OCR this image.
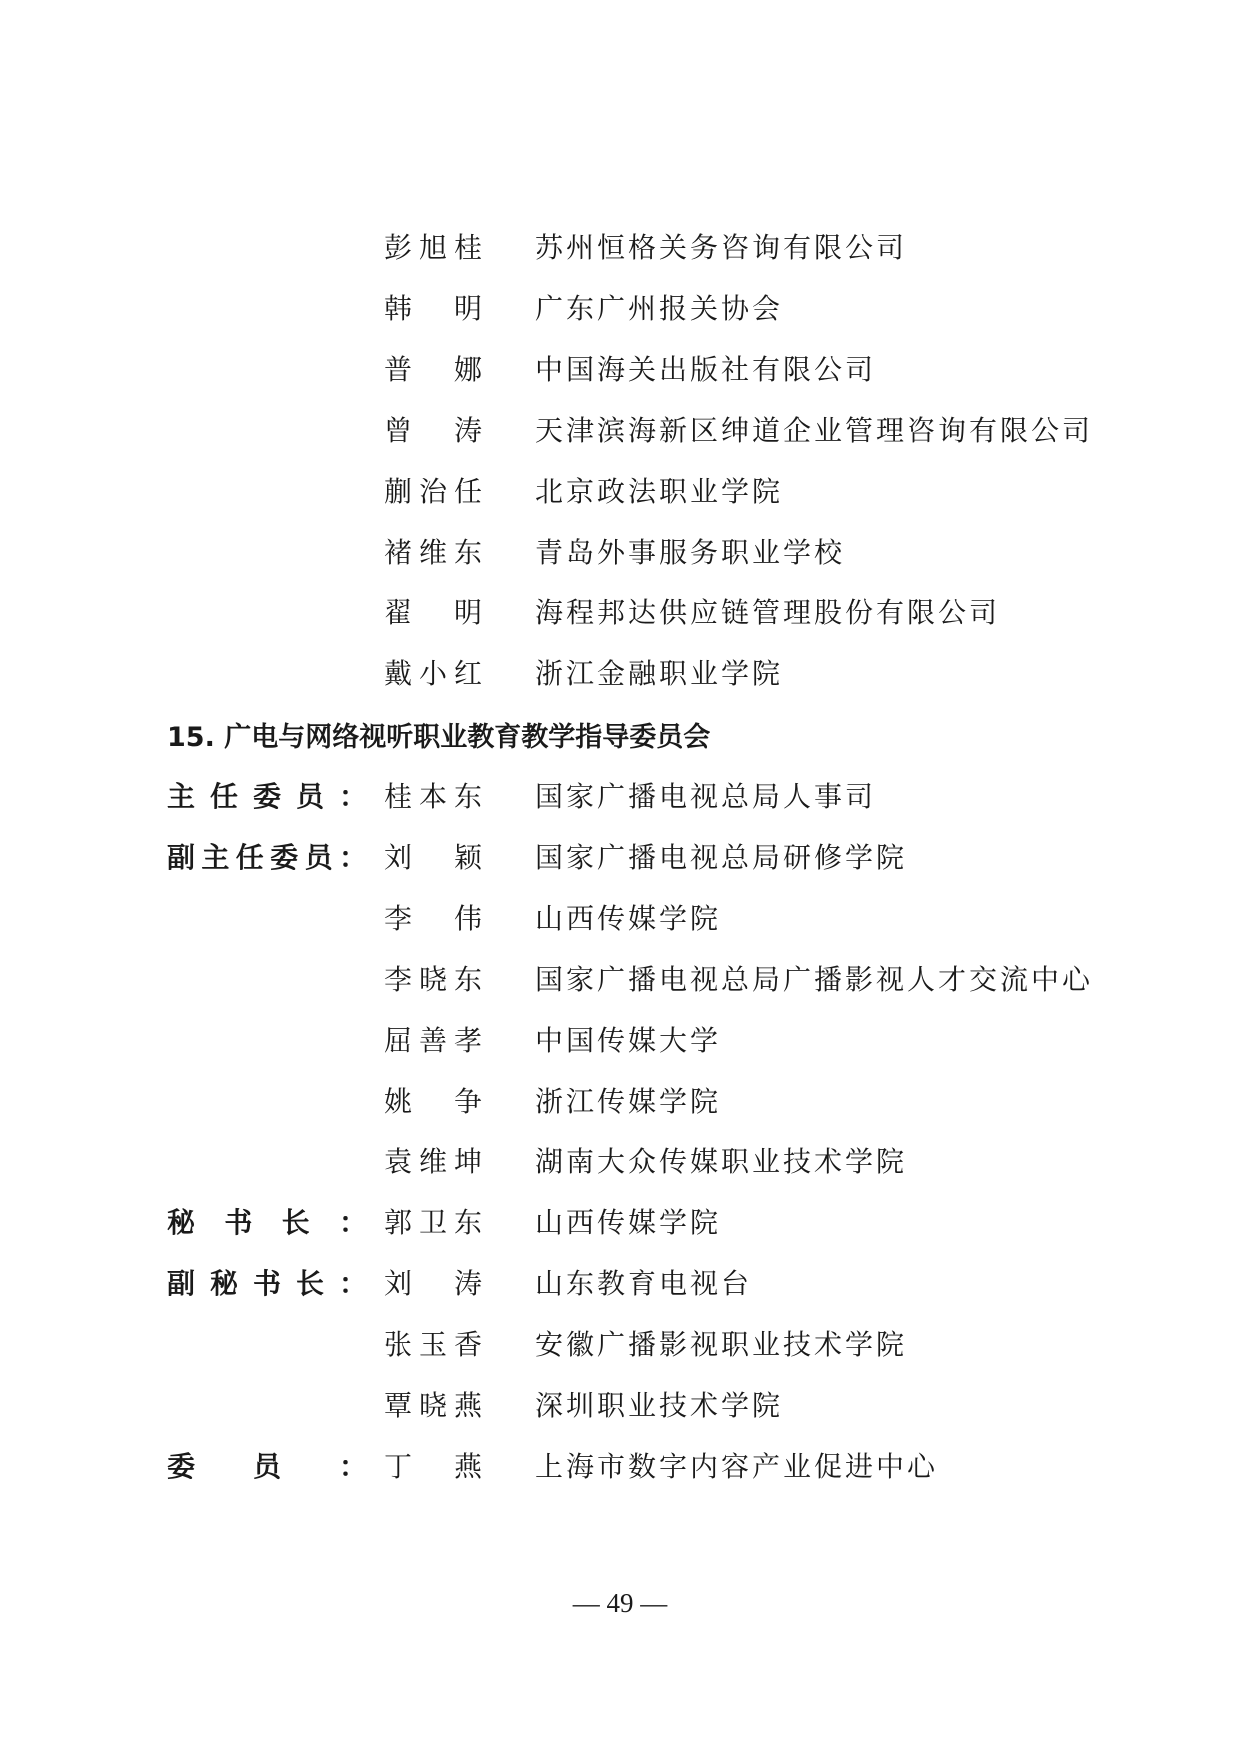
15. 广电与网络视听职业教育教学指导委员会
— 49 —
彭 旭 桂 苏州恒格关务咨询有限公司
韩 明 广东广州报关协会
普 娜 中国海关出版社有限公司
曾 涛 天津滨海新区绅道企业管理咨询有限公司
蒯 治 任 北京政法职业学院
褚 维 东 青岛外事服务职业学校
翟 明 海程邦达供应链管理股份有限公司
戴 小 红 浙江金融职业学院
主 任 委 员 ： 桂 本 东 国家广播电视总局人事司
副 主 任 委 员 ： 刘 颖 国家广播电视总局研修学院
李 伟 山西传媒学院
李 晓 东 国家广播电视总局广播影视人才交流中心
屈 善 孝 中国传媒大学
姚 争 浙江传媒学院
袁 维 坤 湖南大众传媒职业技术学院
秘 书 长 ： 郭 卫 东 山西传媒学院
副 秘 书 长 ： 刘 涛 山东教育电视台
张 玉 香 安徽广播影视职业技术学院
覃 晓 燕 深圳职业技术学院
委 员 ： 丁 燕 上海市数字内容产业促进中心
